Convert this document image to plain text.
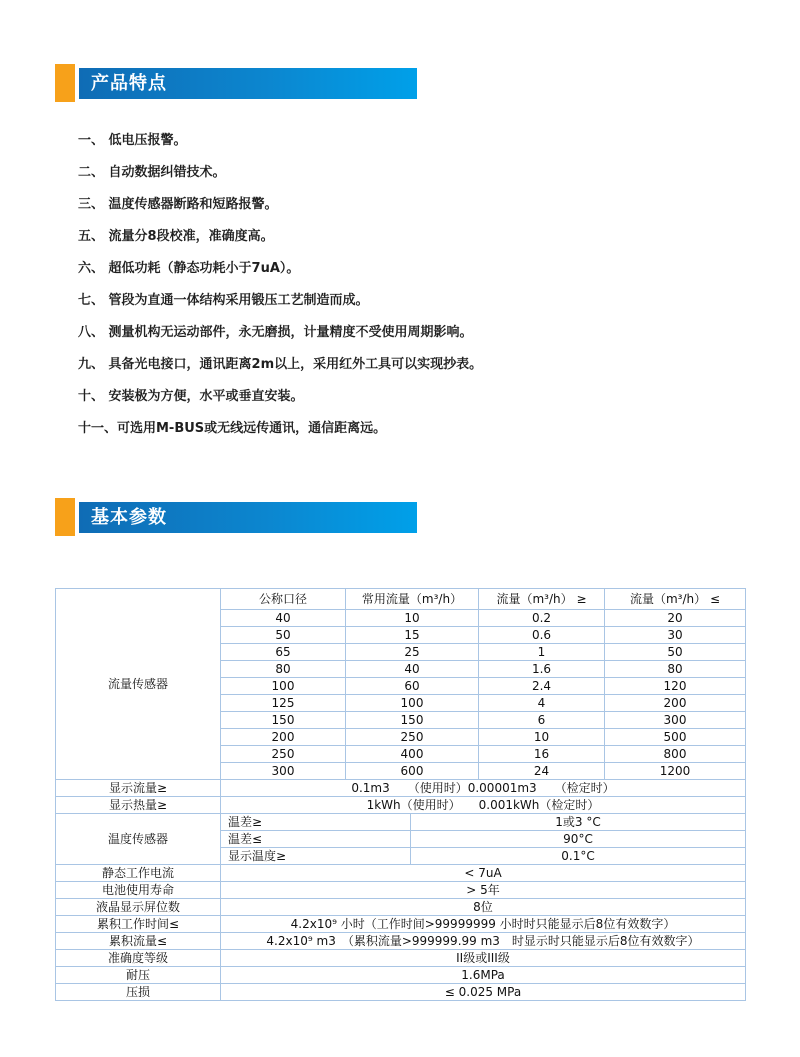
产品特点
一、 低电压报警。
二、 自动数据纠错技术。
三、 温度传感器断路和短路报警。
五、 流量分8段校准，准确度高。
六、 超低功耗（静态功耗小于7uA）。
七、 管段为直通一体结构采用锻压工艺制造而成。
八、 测量机构无运动部件，永无磨损，计量精度不受使用周期影响。
九、 具备光电接口，通讯距离2m以上，采用红外工具可以实现抄表。
十、 安装极为方便，水平或垂直安装。
十一、可选用M-BUS或无线远传通讯，通信距离远。
基本参数
流量传感器	公称口径	常用流量（m³/h）		流量（m³/h） ≥	流量（m³/h） ≤
	40	10		0.2	20
	50	15		0.6	30
	65	25		1	50
	80	40		1.6	80
	100	60		2.4	120
	125	100		4	200
	150	150		6	300
	200	250		10	500
	250	400		16	800
	300	600		24	1200
显示流量≥	0.1m3　　（使用时）0.00001m3　　（检定时）				
显示热量≥	1kWh（使用时）　　0.001kWh（检定时）				
温度传感器	温差≥		1或3 °C		
	温差≤		90°C		
	显示温度≥		0.1°C		
静态工作电流	< 7uA				
电池使用寿命	> 5年				
液晶显示屏位数	8位				
累积工作时间≤	4.2x10⁹ 小时（工作时间>99999999 小时时只能显示后8位有效数字）				
累积流量≤	4.2x10⁹ m3　（累积流量>999999.99 m3　时显示时只能显示后8位有效数字）				
准确度等级	II级或III级				
耐压	1.6MPa				
压损	≤ 0.025 MPa				
